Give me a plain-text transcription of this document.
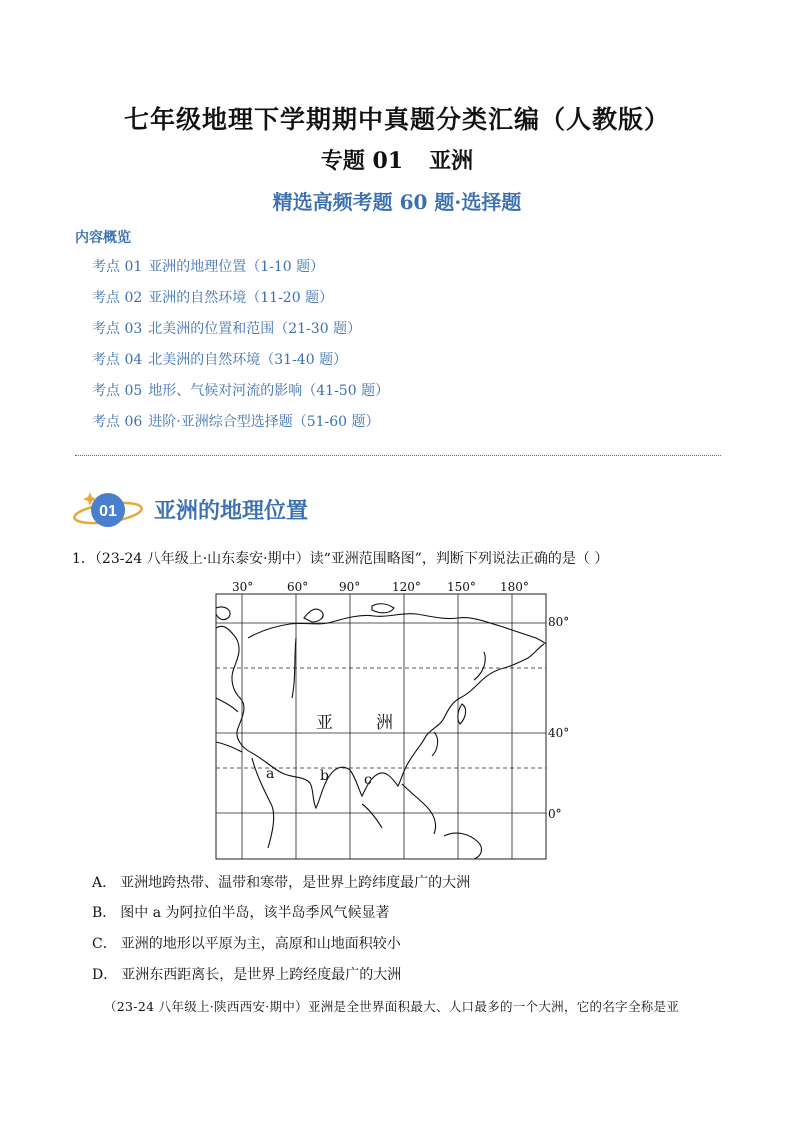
七年级地理下学期期中真题分类汇编（人教版）
专题 01 亚洲
精选高频考题 60 题·选择题
内容概览
考点 01 亚洲的地理位置（1-10 题）
考点 02 亚洲的自然环境（11-20 题）
考点 03 北美洲的位置和范围（21-30 题）
考点 04 北美洲的自然环境（31-40 题）
考点 05 地形、气候对河流的影响（41-50 题）
考点 06 进阶·亚洲综合型选择题（51-60 题）
01 亚洲的地理位置
1．（23-24 八年级上·山东泰安·期中）读“亚洲范围略图”，判断下列说法正确的是（ ）
30°	60°	90°	120° 150° 180°
80°
40°
0°
亚	洲
a	b	c
A． 亚洲地跨热带、温带和寒带，是世界上跨纬度最广的大洲
B． 图中 a 为阿拉伯半岛，该半岛季风气候显著
C． 亚洲的地形以平原为主，高原和山地面积较小
D． 亚洲东西距离长，是世界上跨经度最广的大洲
（23-24 八年级上·陕西西安·期中）亚洲是全世界面积最大、人口最多的一个大洲，它的名字全称是亚
